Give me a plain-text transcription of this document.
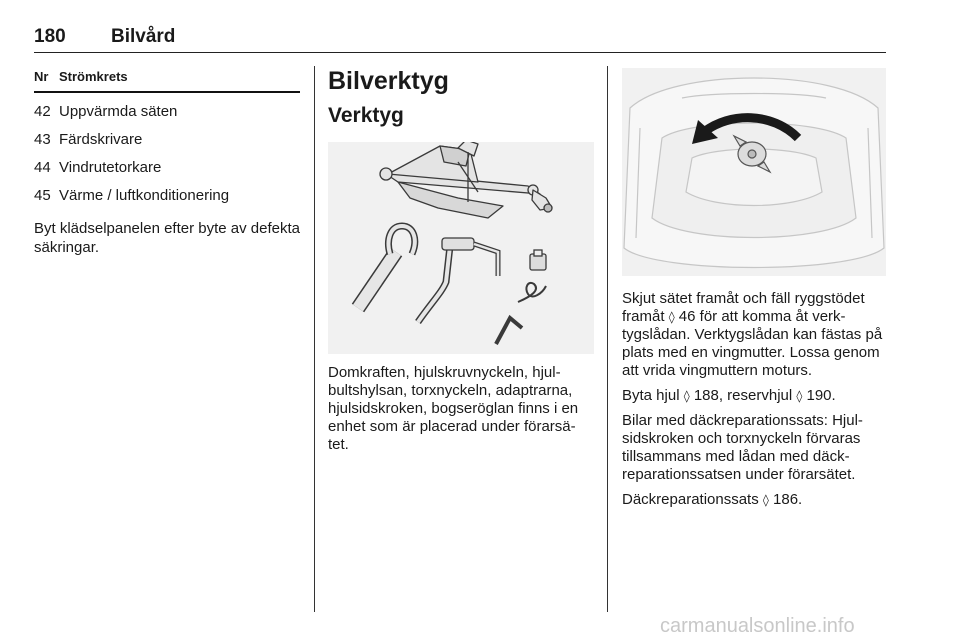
180 Bilvård
Nr Strömkrets
42 Uppvärmda säten
43 Färdskrivare
44 Vindrutetorkare
45 Värme / luftkonditionering
Byt klädselpanelen efter byte av defekta säkringar.
Bilverktyg
Verktyg

Domkraften, hjulskruvnyckeln, hjul-bultshylsan, torxnyckeln, adaptrarna, hjulsidskroken, bogseröglan finns i en enhet som är placerad under förarsä-tet.

Skjut sätet framåt och fäll ryggstödet framåt ◊ 46 för att komma åt verk-tygslådan. Verktygslådan kan fästas på plats med en vingmutter. Lossa genom att vrida vingmuttern moturs.

Byta hjul ◊ 188, reservhjul ◊ 190.

Bilar med däckreparationssats: Hjul-sidskroken och torxnyckeln förvaras tillsammans med lådan med däck-reparationssatsen under förarsätet.

Däckreparationssats ◊ 186.

carmanualsonline.info
